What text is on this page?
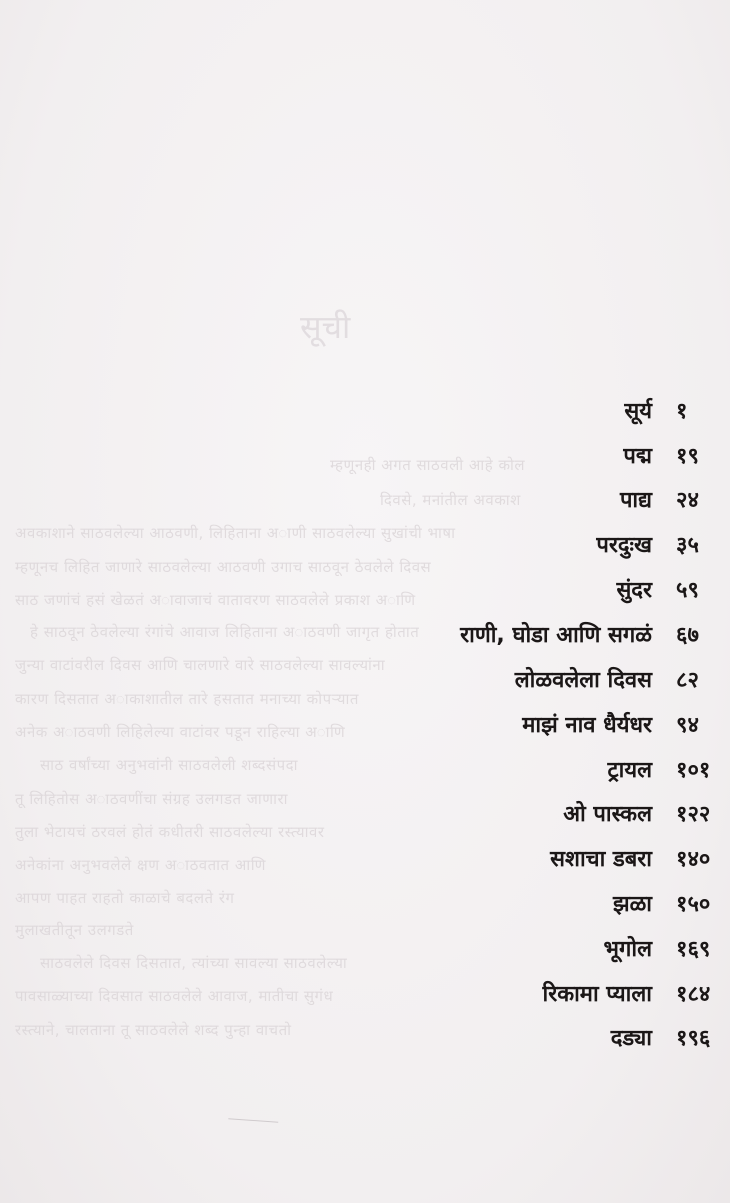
सूची
म्हणूनही अगत साठवली आहे कोल
दिवसे, मनांतील अवकाश
अवकाशाने साठवलेल्या आठवणी, लिहिताना अाणी साठवलेल्या सुखांची भाषा
म्हणूनच लिहित जाणारे साठवलेल्या आठवणी उगाच साठवून ठेवलेले दिवस
साठ जणांचं हसं खेळतं अावाजाचं वातावरण साठवलेले प्रकाश अाणि
हे साठवून ठेवलेल्या रंगांचे आवाज लिहिताना अाठवणी जागृत होतात
जुन्या वाटांवरील दिवस आणि चालणारे वारे साठवलेल्या सावल्यांना
कारण दिसतात अाकाशातील तारे हसतात मनाच्या कोपऱ्यात
अनेक अाठवणी लिहिलेल्या वाटांवर पडून राहिल्या अाणि
साठ वर्षांच्या अनुभवांनी साठवलेली शब्दसंपदा
तू लिहितोस अाठवणींचा संग्रह उलगडत जाणारा
तुला भेटायचं ठरवलं होतं कधीतरी साठवलेल्या रस्त्यावर
अनेकांना अनुभवलेले क्षण अाठवतात आणि
आपण पाहत राहतो काळाचे बदलते रंग
मुलाखतीतून उलगडते
साठवलेले दिवस दिसतात, त्यांच्या सावल्या साठवलेल्या
पावसाळ्याच्या दिवसात साठवलेले आवाज, मातीचा सुगंध
रस्त्याने, चालताना तू साठवलेले शब्द पुन्हा वाचतो
सूर्य	१
पद्म	१९
पाद्य	२४
परदुःख	३५
सुंदर	५९
राणी, घोडा आणि सगळं	६७
लोळवलेला दिवस	८२
माझं नाव धैर्यधर	९४
ट्रायल	१०१
ओ पास्कल	१२२
सशाचा डबरा	१४०
झळा	१५०
भूगोल	१६९
रिकामा प्याला	१८४
दड्या	१९६
